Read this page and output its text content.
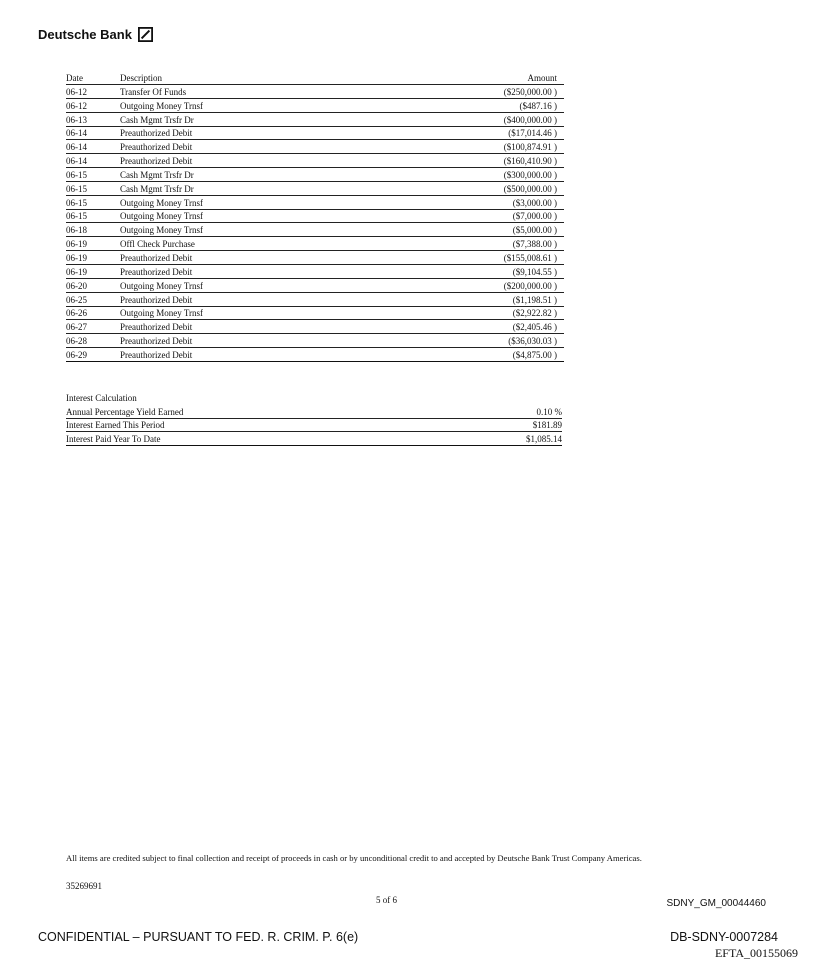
Deutsche Bank
Date	Description	Amount
06-12	Transfer Of Funds	($250,000.00 )
06-12	Outgoing Money Trnsf	($487.16 )
06-13	Cash Mgmt Trsfr Dr	($400,000.00 )
06-14	Preauthorized Debit	($17,014.46 )
06-14	Preauthorized Debit	($100,874.91 )
06-14	Preauthorized Debit	($160,410.90 )
06-15	Cash Mgmt Trsfr Dr	($300,000.00 )
06-15	Cash Mgmt Trsfr Dr	($500,000.00 )
06-15	Outgoing Money Trnsf	($3,000.00 )
06-15	Outgoing Money Trnsf	($7,000.00 )
06-18	Outgoing Money Trnsf	($5,000.00 )
06-19	Offl Check Purchase	($7,388.00 )
06-19	Preauthorized Debit	($155,008.61 )
06-19	Preauthorized Debit	($9,104.55 )
06-20	Outgoing Money Trnsf	($200,000.00 )
06-25	Preauthorized Debit	($1,198.51 )
06-26	Outgoing Money Trnsf	($2,922.82 )
06-27	Preauthorized Debit	($2,405.46 )
06-28	Preauthorized Debit	($36,030.03 )
06-29	Preauthorized Debit	($4,875.00 )
Interest Calculation
Annual Percentage Yield Earned	0.10 %
Interest Earned This Period	$181.89
Interest Paid Year To Date	$1,085.14
All items are credited subject to final collection and receipt of proceeds in cash or by unconditional credit to and accepted by Deutsche Bank Trust Company Americas.
35269691
5 of 6	SDNY_GM_00044460
CONFIDENTIAL – PURSUANT TO FED. R. CRIM. P. 6(e)	DB-SDNY-0007284
EFTA_00155069
